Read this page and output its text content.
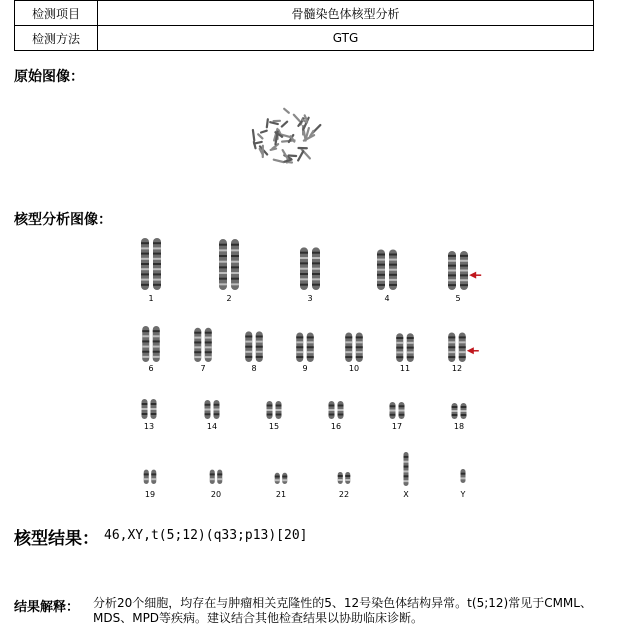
检测项目	骨髓染色体核型分析
检测方法	GTG
原始图像：
核型分析图像：
1	2	3	4	5
6	7	8	9	10	11	12
13	14	15	16	17	18
19	20	21	22	X	Y
核型结果： 46,XY,t(5;12)(q33;p13)[20]
结果解释： 分析20个细胞，均存在与肿瘤相关克隆性的5、12号染色体结构异常。t(5;12)常见于CMML、MDS、MPD等疾病。建议结合其他检查结果以协助临床诊断。
